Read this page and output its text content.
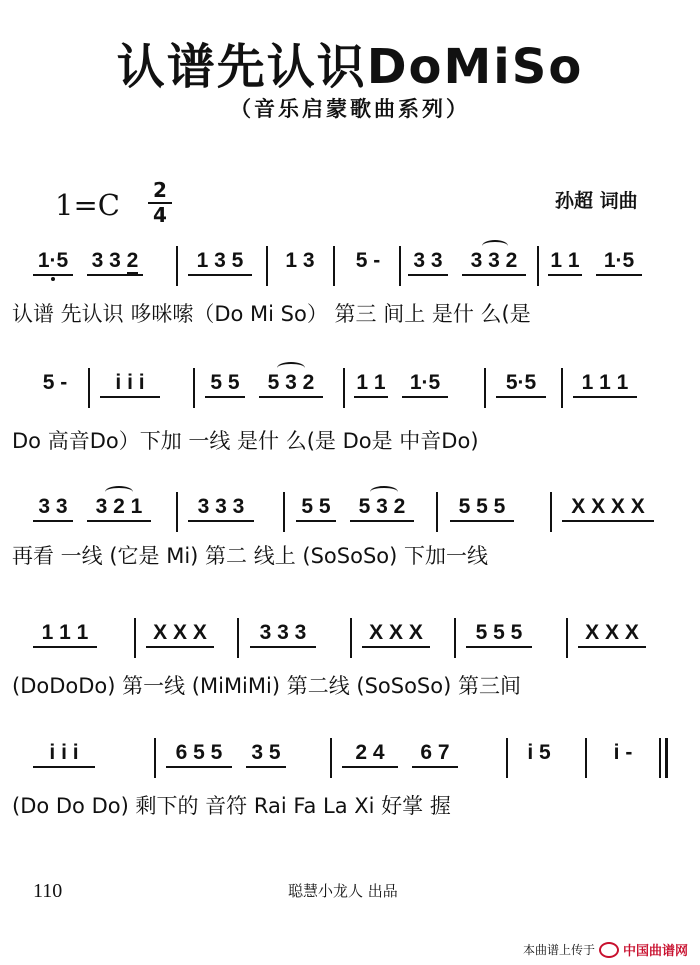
认谱先认识DoMiSo
（音乐启蒙歌曲系列）
1=C 2
4
孙超 词曲
1·5 3 3 2	1 3 5	1 3	5 -	3 3	3 3 2	1 1	1·5
认谱 先认识 哆咪嗦（Do Mi So） 第三 间上 是什 么(是
5 -	i i i	5 5	5 3 2	1 1	1·5	5·5	1 1 1
Do 高音Do）下加 一线 是什 么(是 Do是 中音Do)
3 3	3 2 1	3 3 3	5 5	5 3 2	5 5 5	X X X X
再看 一线 (它是 Mi) 第二 线上 (SoSoSo) 下加一线
1 1 1	X X X	3 3 3	X X X	5 5 5	X X X
(DoDoDo) 第一线 (MiMiMi) 第二线 (SoSoSo) 第三间
i i i	6 5 5	3 5	2 4	6 7	i 5	i -
(Do Do Do) 剩下的 音符 Rai Fa La Xi 好掌 握
110	聪慧小龙人 出品
本曲谱上传于 中国曲谱网
